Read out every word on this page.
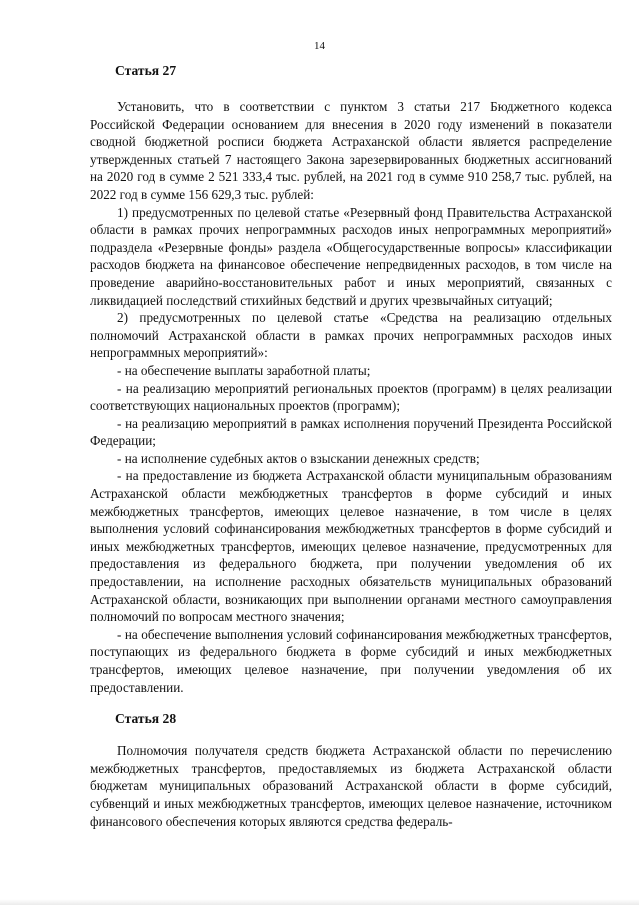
14
Статья 27

Установить, что в соответствии с пунктом 3 статьи 217 Бюджетного кодекса Российской Федерации основанием для внесения в 2020 году изменений в показатели сводной бюджетной росписи бюджета Астраханской области является распределение утвержденных статьей 7 настоящего Закона зарезервированных бюджетных ассигнований на 2020 год в сумме 2 521 333,4 тыс. рублей, на 2021 год в сумме 910 258,7 тыс. рублей, на 2022 год в сумме 156 629,3 тыс. рублей:

1) предусмотренных по целевой статье «Резервный фонд Правительства Астраханской области в рамках прочих непрограммных расходов иных непрограммных мероприятий» подраздела «Резервные фонды» раздела «Общегосударственные вопросы» классификации расходов бюджета на финансовое обеспечение непредвиденных расходов, в том числе на проведение аварийно-восстановительных работ и иных мероприятий, связанных с ликвидацией последствий стихийных бедствий и других чрезвычайных ситуаций;

2) предусмотренных по целевой статье «Средства на реализацию отдельных полномочий Астраханской области в рамках прочих непрограммных расходов иных непрограммных мероприятий»:

- на обеспечение выплаты заработной платы;

- на реализацию мероприятий региональных проектов (программ) в целях реализации соответствующих национальных проектов (программ);

- на реализацию мероприятий в рамках исполнения поручений Президента Российской Федерации;

- на исполнение судебных актов о взыскании денежных средств;

- на предоставление из бюджета Астраханской области муниципальным образованиям Астраханской области межбюджетных трансфертов в форме субсидий и иных межбюджетных трансфертов, имеющих целевое назначение, в том числе в целях выполнения условий софинансирования межбюджетных трансфертов в форме субсидий и иных межбюджетных трансфертов, имеющих целевое назначение, предусмотренных для предоставления из федерального бюджета, при получении уведомления об их предоставлении, на исполнение расходных обязательств муниципальных образований Астраханской области, возникающих при выполнении органами местного самоуправления полномочий по вопросам местного значения;

- на обеспечение выполнения условий софинансирования межбюджетных трансфертов, поступающих из федерального бюджета в форме субсидий и иных межбюджетных трансфертов, имеющих целевое назначение, при получении уведомления об их предоставлении.

Статья 28

Полномочия получателя средств бюджета Астраханской области по перечислению межбюджетных трансфертов, предоставляемых из бюджета Астраханской области бюджетам муниципальных образований Астраханской области в форме субсидий, субвенций и иных межбюджетных трансфертов, имеющих целевое назначение, источником финансового обеспечения которых являются средства федераль-
